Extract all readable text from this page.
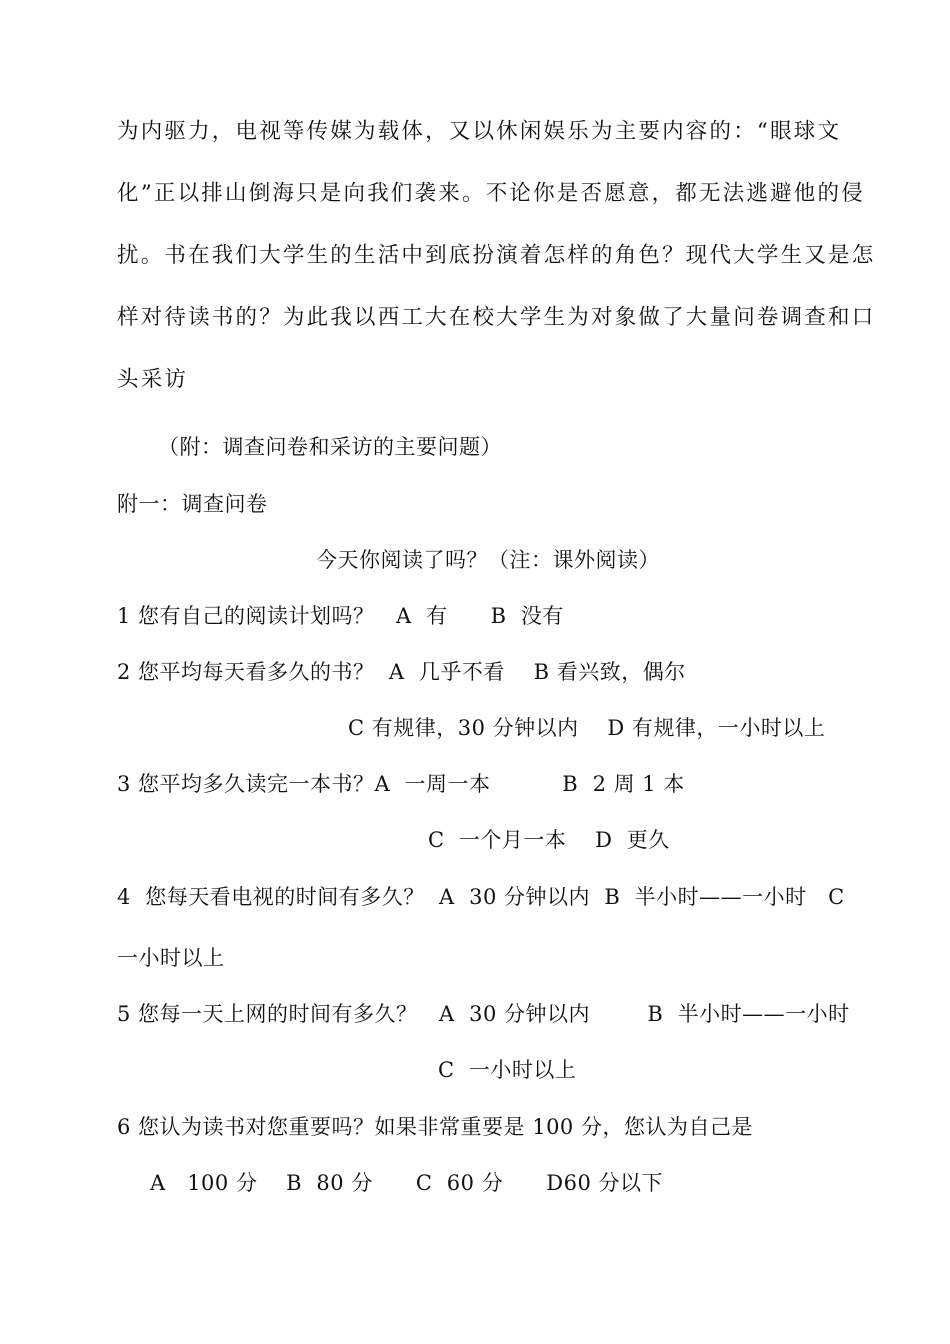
为内驱力，电视等传媒为载体，又以休闲娱乐为主要内容的：“眼球文
化”正以排山倒海只是向我们袭来。不论你是否愿意，都无法逃避他的侵
扰。书在我们大学生的生活中到底扮演着怎样的角色？现代大学生又是怎
样对待读书的？为此我以西工大在校大学生为对象做了大量问卷调查和口
头采访
（附：调查问卷和采访的主要问题）
附一：调查问卷
今天你阅读了吗？（注：课外阅读）
1 您有自己的阅读计划吗？   A  有      B  没有
2 您平均每天看多久的书？  A  几乎不看    B 看兴致，偶尔
C 有规律，30 分钟以内    D 有规律，一小时以上
3 您平均多久读完一本书？A  一周一本          B  2 周 1 本
C  一个月一本    D  更久
4  您每天看电视的时间有多久？  A  30 分钟以内  B  半小时——一小时   C
一小时以上
5 您每一天上网的时间有多久？   A  30 分钟以内        B  半小时——一小时
C  一小时以上
6 您认为读书对您重要吗？如果非常重要是 100 分，您认为自己是
A   100 分    B  80 分      C  60 分      D60 分以下
